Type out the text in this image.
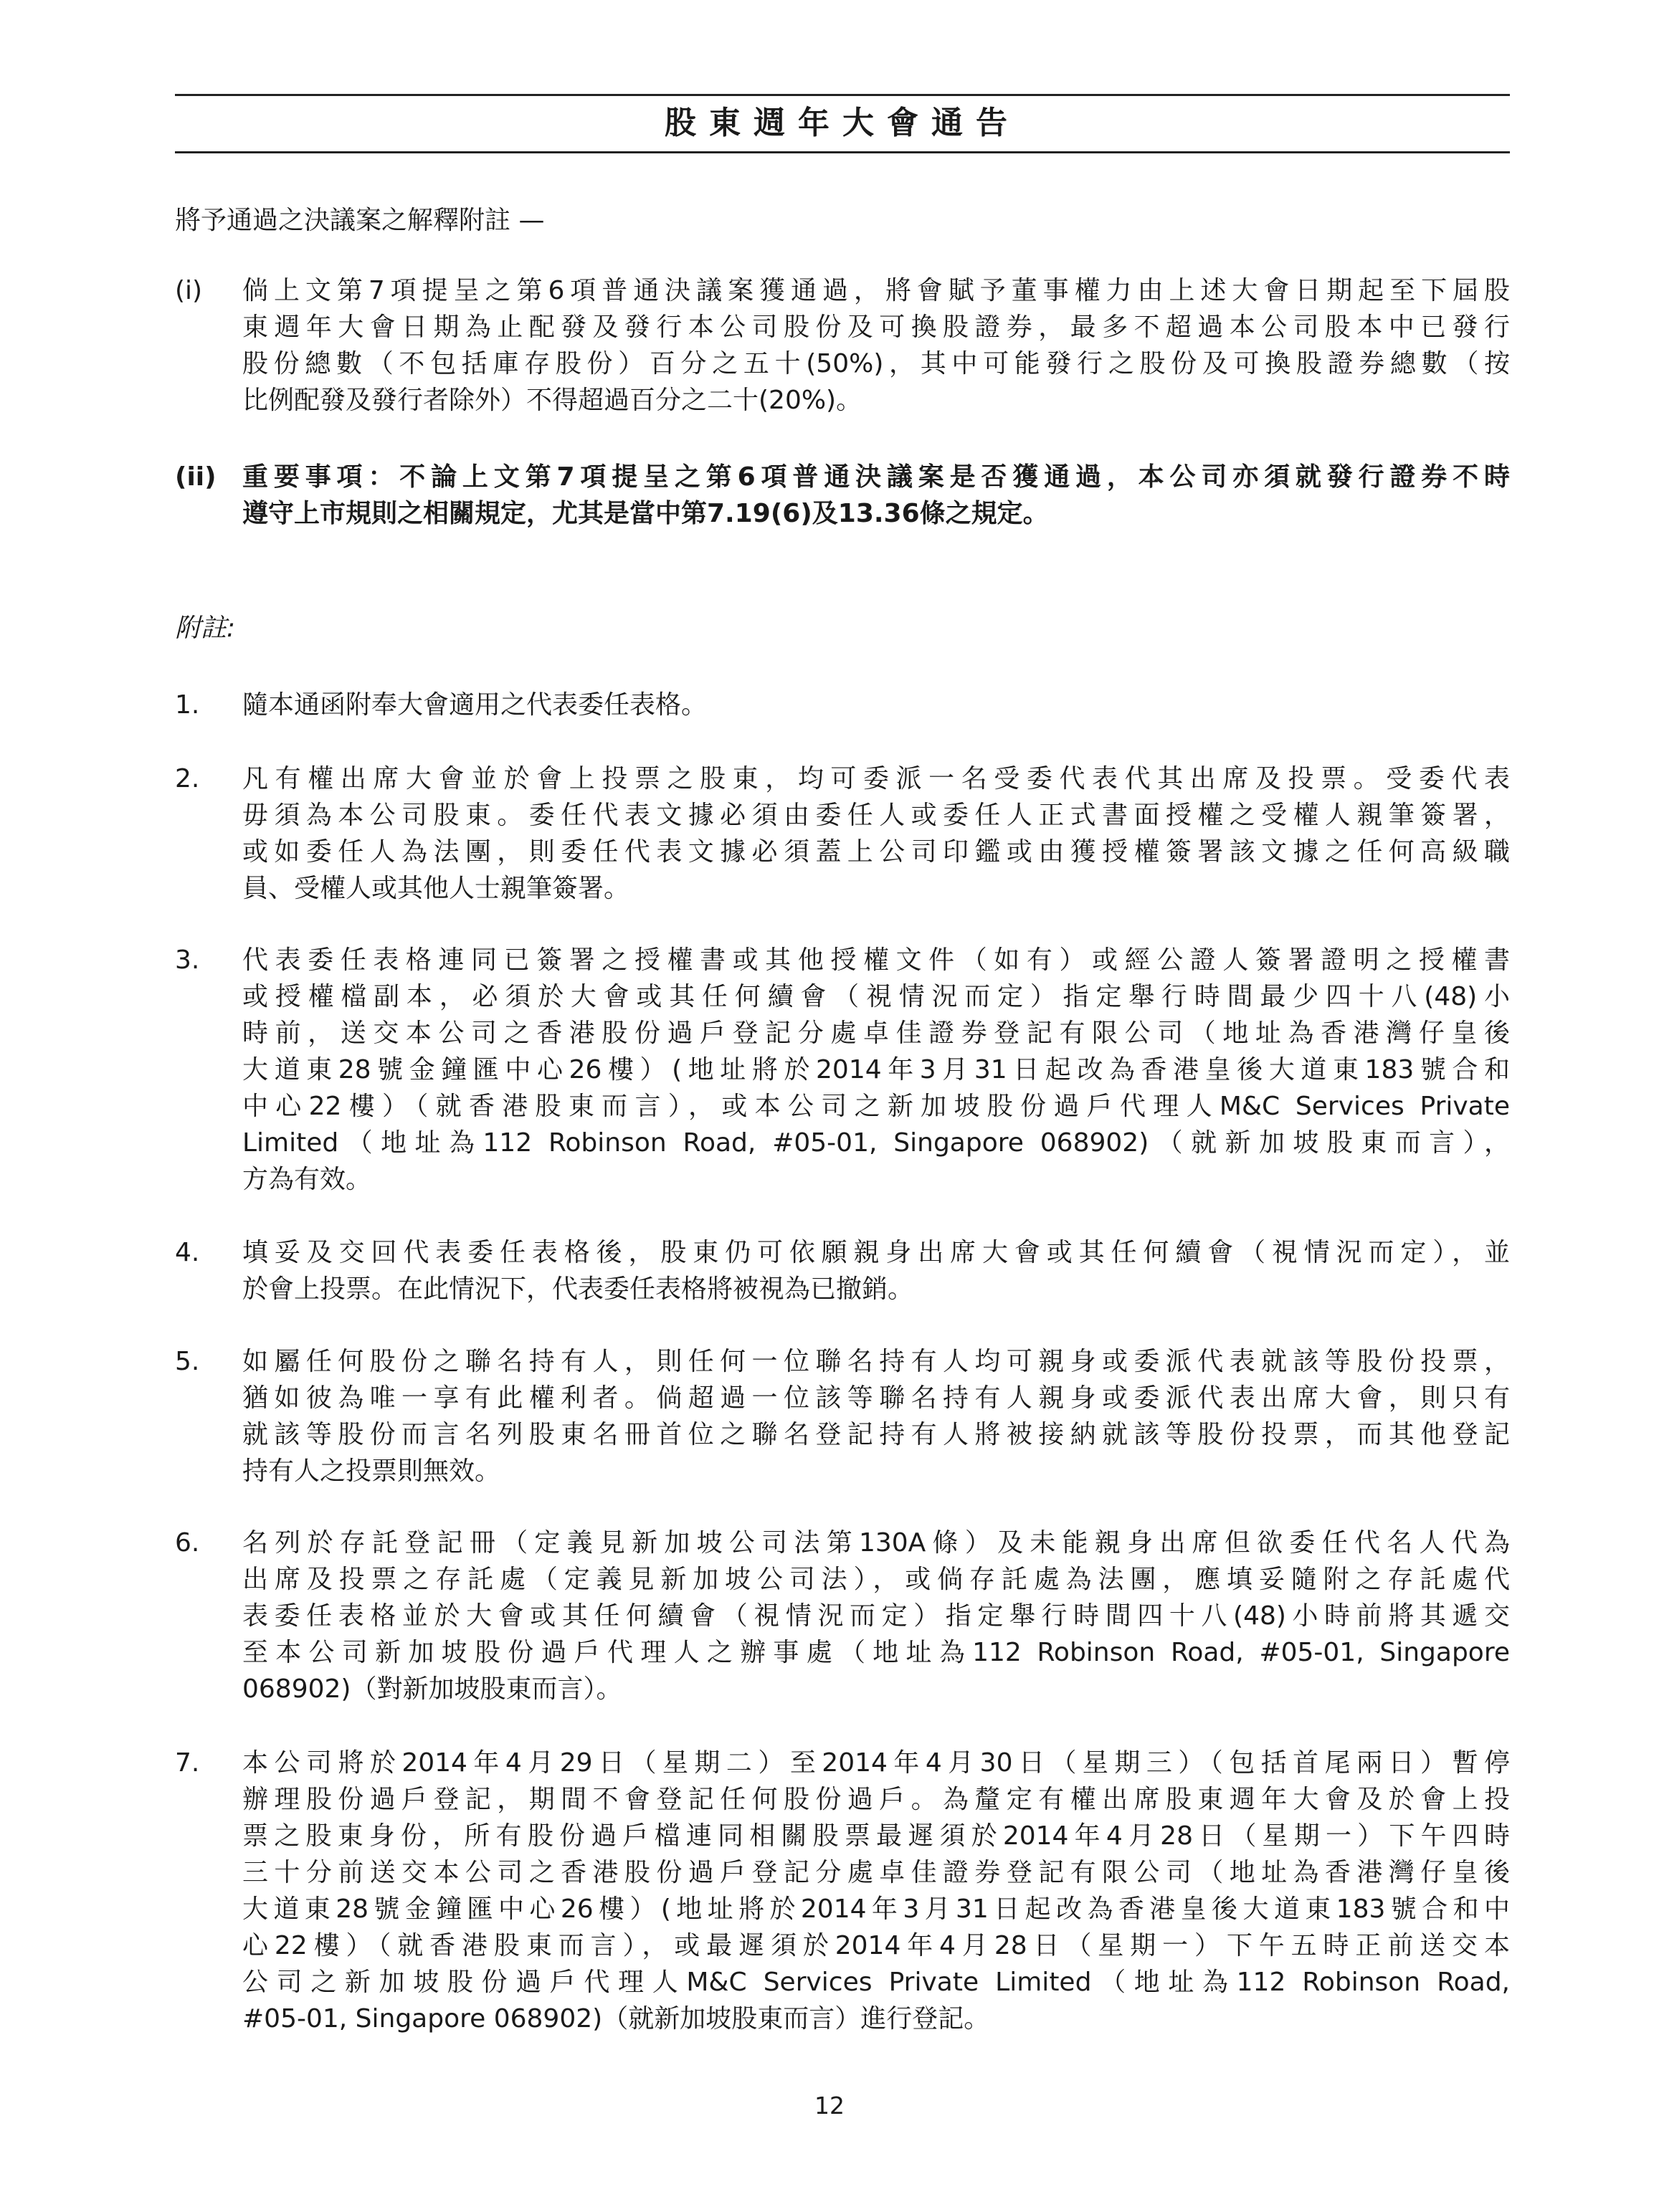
股東週年大會通告
將予通過之決議案之解釋附註 —
(i) 倘上文第7項提呈之第6項普通決議案獲通過，將會賦予董事權力由上述大會日期起至下屆股
東週年大會日期為止配發及發行本公司股份及可換股證券，最多不超過本公司股本中已發行
股份總數（不包括庫存股份）百分之五十(50%)，其中可能發行之股份及可換股證券總數（按
比例配發及發行者除外）不得超過百分之二十(20%)。
(ii) 重要事項：不論上文第7項提呈之第6項普通決議案是否獲通過，本公司亦須就發行證券不時
遵守上市規則之相關規定，尤其是當中第7.19(6)及13.36條之規定。
附註:
1. 隨本通函附奉大會適用之代表委任表格。
2. 凡有權出席大會並於會上投票之股東，均可委派一名受委代表代其出席及投票。受委代表
毋須為本公司股東。委任代表文據必須由委任人或委任人正式書面授權之受權人親筆簽署，
或如委任人為法團，則委任代表文據必須蓋上公司印鑑或由獲授權簽署該文據之任何高級職
員、受權人或其他人士親筆簽署。
3. 代表委任表格連同已簽署之授權書或其他授權文件（如有）或經公證人簽署證明之授權書
或授權檔副本，必須於大會或其任何續會（視情況而定）指定舉行時間最少四十八(48)小
時前，送交本公司之香港股份過戶登記分處卓佳證券登記有限公司（地址為香港灣仔皇後
大道東28號金鐘匯中心26樓）(地址將於2014年3月31日起改為香港皇後大道東183號合和
中心22樓）（就香港股東而言），或本公司之新加坡股份過戶代理人M&C Services Private
Limited（地址為112 Robinson Road, #05-01, Singapore 068902)（就新加坡股東而言），
方為有效。
4. 填妥及交回代表委任表格後，股東仍可依願親身出席大會或其任何續會（視情況而定），並
於會上投票。在此情況下，代表委任表格將被視為已撤銷。
5. 如屬任何股份之聯名持有人，則任何一位聯名持有人均可親身或委派代表就該等股份投票，
猶如彼為唯一享有此權利者。倘超過一位該等聯名持有人親身或委派代表出席大會，則只有
就該等股份而言名列股東名冊首位之聯名登記持有人將被接納就該等股份投票，而其他登記
持有人之投票則無效。
6. 名列於存託登記冊（定義見新加坡公司法第130A條）及未能親身出席但欲委任代名人代為
出席及投票之存託處（定義見新加坡公司法），或倘存託處為法團，應填妥隨附之存託處代
表委任表格並於大會或其任何續會（視情況而定）指定舉行時間四十八(48)小時前將其遞交
至本公司新加坡股份過戶代理人之辦事處（地址為112 Robinson Road, #05-01, Singapore
068902)（對新加坡股東而言）。
7. 本公司將於2014年4月29日（星期二）至2014年4月30日（星期三）（包括首尾兩日）暫停
辦理股份過戶登記，期間不會登記任何股份過戶。為釐定有權出席股東週年大會及於會上投
票之股東身份，所有股份過戶檔連同相關股票最遲須於2014年4月28日（星期一）下午四時
三十分前送交本公司之香港股份過戶登記分處卓佳證券登記有限公司（地址為香港灣仔皇後
大道東28號金鐘匯中心26樓）(地址將於2014年3月31日起改為香港皇後大道東183號合和中
心22樓）（就香港股東而言），或最遲須於2014年4月28日（星期一）下午五時正前送交本
公司之新加坡股份過戶代理人M&C Services Private Limited（地址為112 Robinson Road,
#05-01, Singapore 068902)（就新加坡股東而言）進行登記。
12
